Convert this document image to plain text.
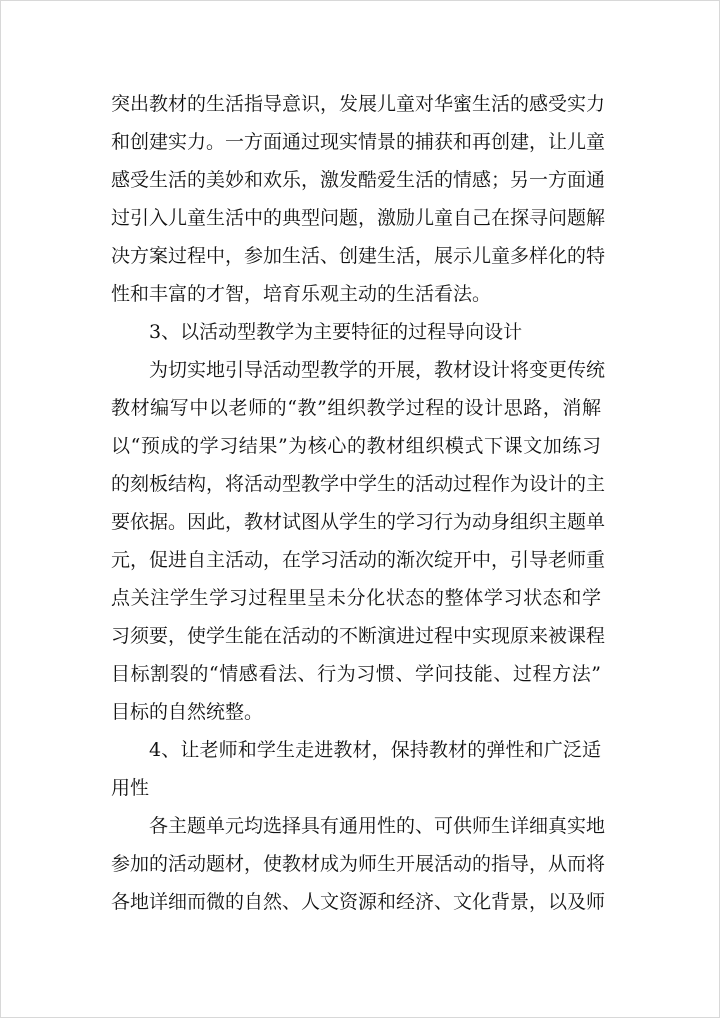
突出教材的生活指导意识，发展儿童对华蜜生活的感受实力
和创建实力。一方面通过现实情景的捕获和再创建，让儿童
感受生活的美妙和欢乐，激发酷爱生活的情感；另一方面通
过引入儿童生活中的典型问题，激励儿童自己在探寻问题解
决方案过程中，参加生活、创建生活，展示儿童多样化的特
性和丰富的才智，培育乐观主动的生活看法。
3、以活动型教学为主要特征的过程导向设计
为切实地引导活动型教学的开展，教材设计将变更传统
教材编写中以老师的“教”组织教学过程的设计思路，消解
以“预成的学习结果”为核心的教材组织模式下课文加练习
的刻板结构，将活动型教学中学生的活动过程作为设计的主
要依据。因此，教材试图从学生的学习行为动身组织主题单
元，促进自主活动，在学习活动的渐次绽开中，引导老师重
点关注学生学习过程里呈未分化状态的整体学习状态和学
习须要，使学生能在活动的不断演进过程中实现原来被课程
目标割裂的“情感看法、行为习惯、学问技能、过程方法”
目标的自然统整。
4、让老师和学生走进教材，保持教材的弹性和广泛适
用性
各主题单元均选择具有通用性的、可供师生详细真实地
参加的活动题材，使教材成为师生开展活动的指导，从而将
各地详细而微的自然、人文资源和经济、文化背景，以及师
